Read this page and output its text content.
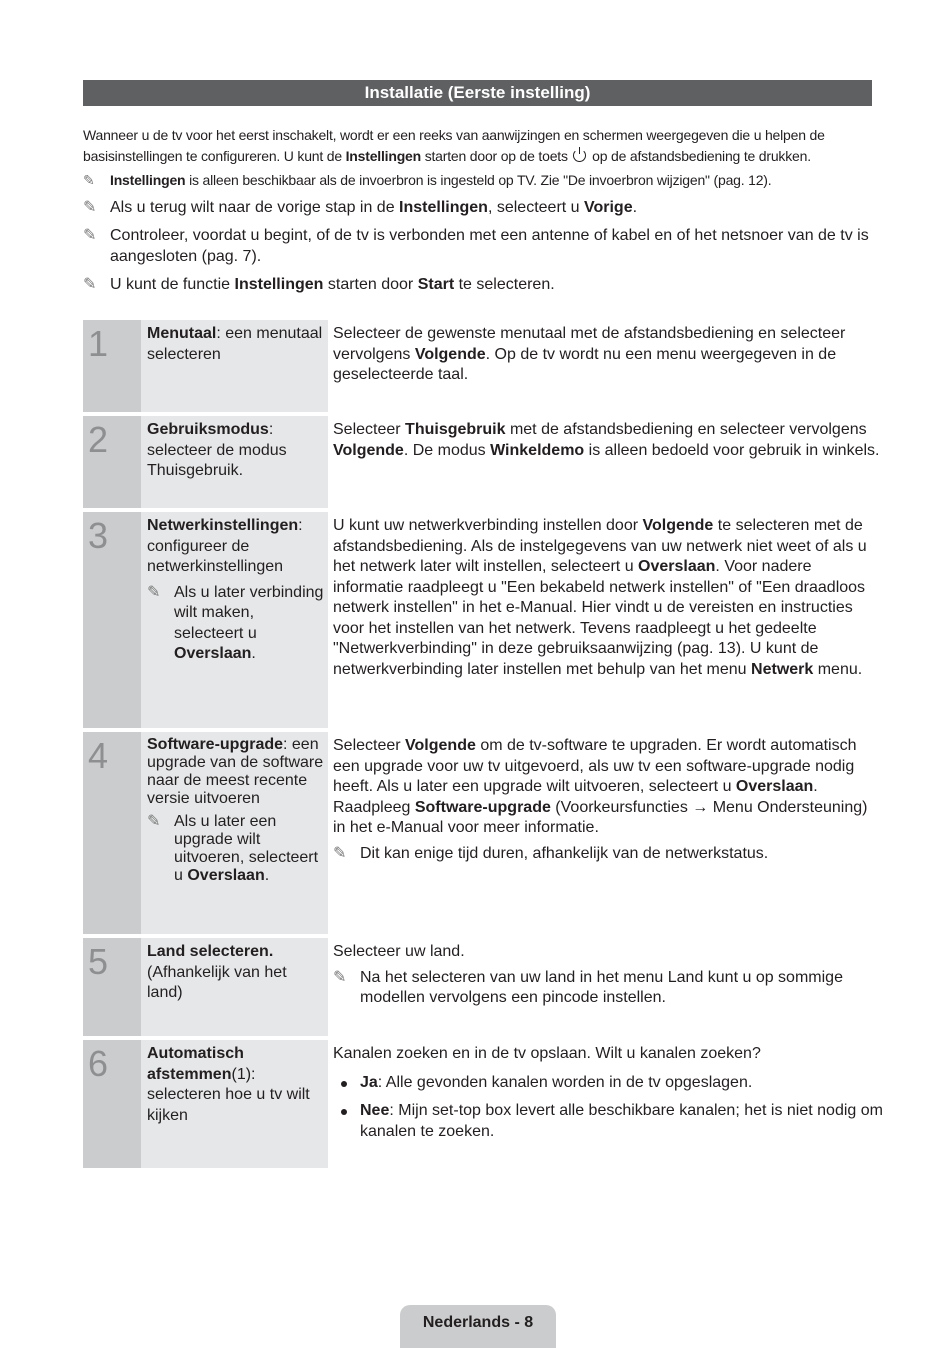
Installatie (Eerste instelling)

Wanneer u de tv voor het eerst inschakelt, wordt er een reeks van aanwijzingen en schermen weergegeven die u helpen de basisinstellingen te configureren. U kunt de Instellingen starten door op de toets  op de afstandsbediening te drukken.

✎ Instellingen is alleen beschikbaar als de invoerbron is ingesteld op TV. Zie "De invoerbron wijzigen" (pag. 12).
✎ Als u terug wilt naar de vorige stap in de Instellingen, selecteert u Vorige.
✎ Controleer, voordat u begint, of de tv is verbonden met een antenne of kabel en of het netsnoer van de tv is aangesloten (pag. 7).
✎ U kunt de functie Instellingen starten door Start te selecteren.
1	Menutaal: een menutaal selecteren
Selecteer de gewenste menutaal met de afstandsbediening en selecteer vervolgens Volgende. Op de tv wordt nu een menu weergegeven in de geselecteerde taal.
2	Gebruiksmodus: selecteer de modus Thuisgebruik.
Selecteer Thuisgebruik met de afstandsbediening en selecteer vervolgens Volgende. De modus Winkeldemo is alleen bedoeld voor gebruik in winkels.
3	Netwerkinstellingen: configureer de netwerkinstellingen
✎ Als u later verbinding wilt maken, selecteert u Overslaan.
U kunt uw netwerkverbinding instellen door Volgende te selecteren met de afstandsbediening. Als de instelgegevens van uw netwerk niet weet of als u het netwerk later wilt instellen, selecteert u Overslaan. Voor nadere informatie raadpleegt u "Een bekabeld netwerk instellen" of "Een draadloos netwerk instellen" in het e-Manual. Hier vindt u de vereisten en instructies voor het instellen van het netwerk. Tevens raadpleegt u het gedeelte "Netwerkverbinding" in deze gebruiksaanwijzing (pag. 13). U kunt de netwerkverbinding later instellen met behulp van het menu Netwerk menu.
4	Software-upgrade: een upgrade van de software naar de meest recente versie uitvoeren
✎ Als u later een upgrade wilt uitvoeren, selecteert u Overslaan.
Selecteer Volgende om de tv-software te upgraden. Er wordt automatisch een upgrade voor uw tv uitgevoerd, als uw tv een software-upgrade nodig heeft. Als u later een upgrade wilt uitvoeren, selecteert u Overslaan. Raadpleeg Software-upgrade (Voorkeursfuncties → Menu Ondersteuning) in het e-Manual voor meer informatie.
✎ Dit kan enige tijd duren, afhankelijk van de netwerkstatus.
5	Land selecteren. (Afhankelijk van het land)
Selecteer uw land.
✎ Na het selecteren van uw land in het menu Land kunt u op sommige modellen vervolgens een pincode instellen.
6	Automatisch afstemmen(1): selecteren hoe u tv wilt kijken
Kanalen zoeken en in de tv opslaan. Wilt u kanalen zoeken?
Ja: Alle gevonden kanalen worden in de tv opgeslagen.
Nee: Mijn set-top box levert alle beschikbare kanalen; het is niet nodig om kanalen te zoeken.
Nederlands - 8
